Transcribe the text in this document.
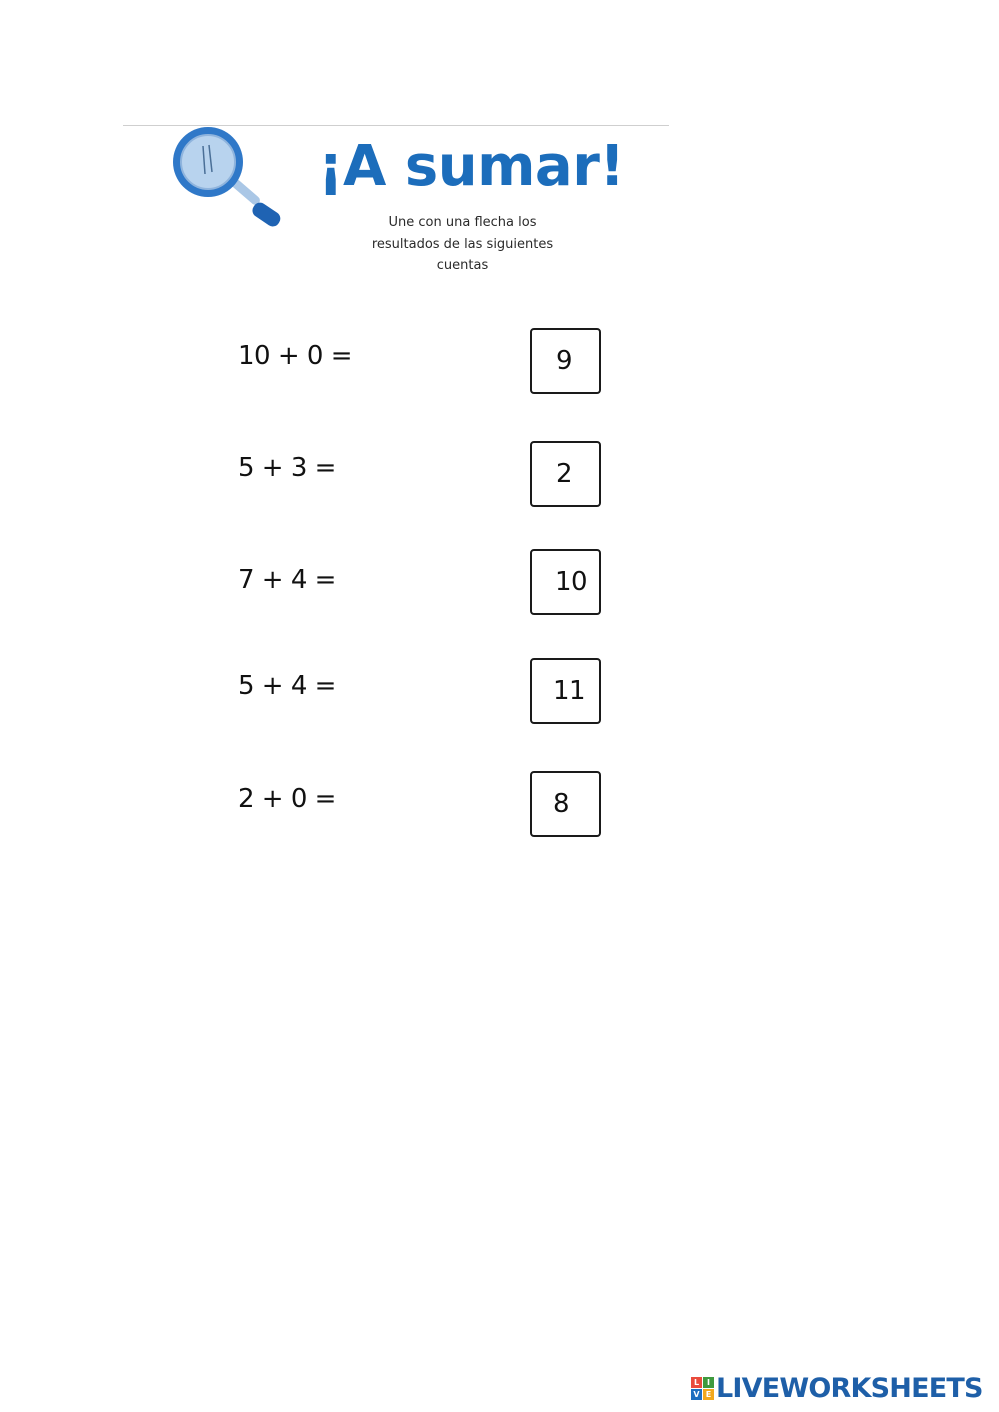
¡A sumar!
Une con una flecha los
resultados de las siguientes
cuentas
10 + 0 =
5 + 3 =
7 + 4 =
5 + 4 =
2 + 0 =
9
2
10
11
8
L I
V E LIVEWORKSHEETS
